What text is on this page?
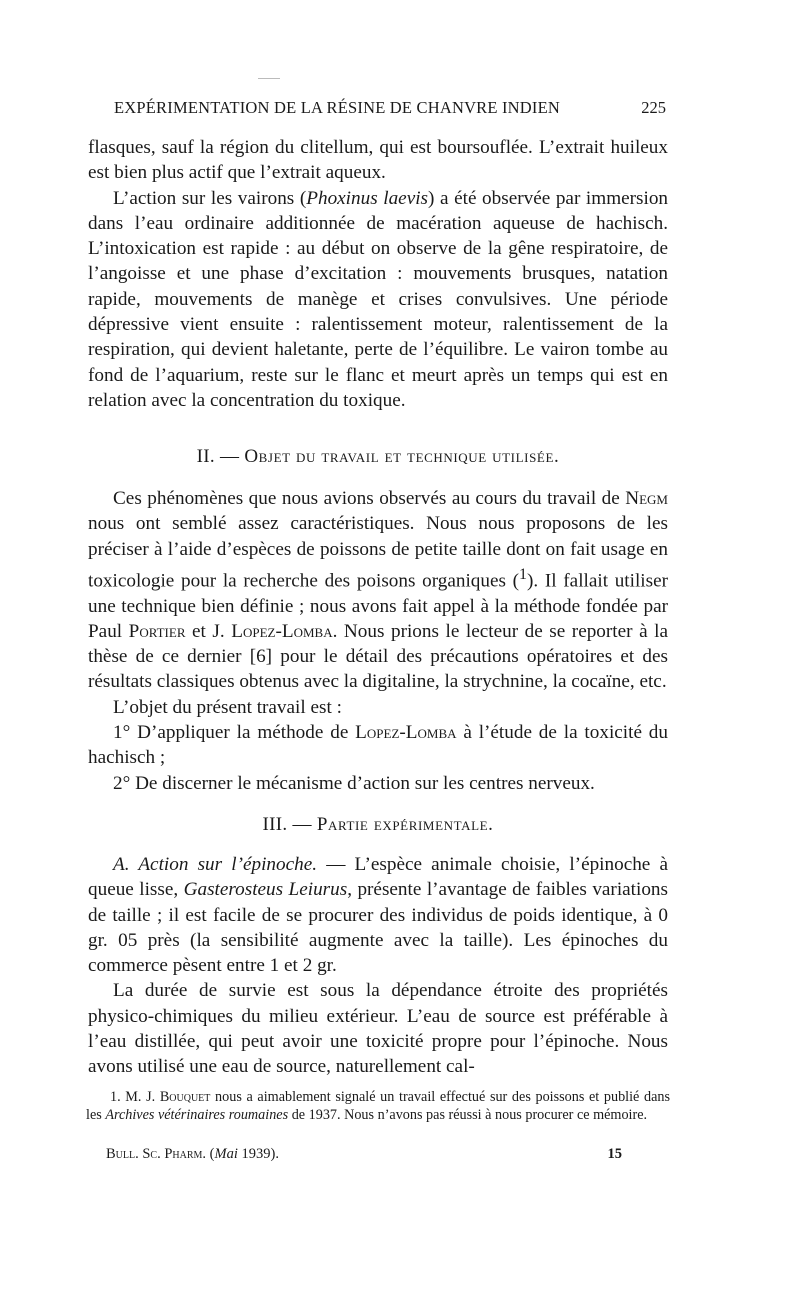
EXPÉRIMENTATION DE LA RÉSINE DE CHANVRE INDIEN	225

flasques, sauf la région du clitellum, qui est boursouflée. L’extrait huileux est bien plus actif que l’extrait aqueux.

L’action sur les vairons (Phoxinus laevis) a été observée par immersion dans l’eau ordinaire additionnée de macération aqueuse de hachisch. L’intoxication est rapide : au début on observe de la gêne respiratoire, de l’angoisse et une phase d’excitation : mouvements brusques, natation rapide, mouvements de manège et crises convulsives. Une période dépressive vient ensuite : ralentissement moteur, ralentissement de la respiration, qui devient haletante, perte de l’équilibre. Le vairon tombe au fond de l’aquarium, reste sur le flanc et meurt après un temps qui est en relation avec la concentration du toxique.

II. — Objet du travail et technique utilisée.

Ces phénomènes que nous avions observés au cours du travail de Negm nous ont semblé assez caractéristiques. Nous nous proposons de les préciser à l’aide d’espèces de poissons de petite taille dont on fait usage en toxicologie pour la recherche des poisons organiques ($^1$). Il fallait utiliser une technique bien définie ; nous avons fait appel à la méthode fondée par Paul Portier et J. Lopez-Lomba. Nous prions le lecteur de se reporter à la thèse de ce dernier [6] pour le détail des précautions opératoires et des résultats classiques obtenus avec la digitaline, la strychnine, la cocaïne, etc.

L’objet du présent travail est :

1° D’appliquer la méthode de Lopez-Lomba à l’étude de la toxicité du hachisch ;

2° De discerner le mécanisme d’action sur les centres nerveux.

III. — Partie expérimentale.

A. Action sur l’épinoche. — L’espèce animale choisie, l’épinoche à queue lisse, Gasterosteus Leiurus, présente l’avantage de faibles variations de taille ; il est facile de se procurer des individus de poids identique, à 0 gr. 05 près (la sensibilité augmente avec la taille). Les épinoches du commerce pèsent entre 1 et 2 gr.

La durée de survie est sous la dépendance étroite des propriétés physico-chimiques du milieu extérieur. L’eau de source est préférable à l’eau distillée, qui peut avoir une toxicité propre pour l’épinoche. Nous avons utilisé une eau de source, naturellement cal-

1. M. J. Bouquet nous a aimablement signalé un travail effectué sur des poissons et publié dans les Archives vétérinaires roumaines de 1937. Nous n’avons pas réussi à nous procurer ce mémoire.

Bull. Sc. Pharm. (Mai 1939).	15
